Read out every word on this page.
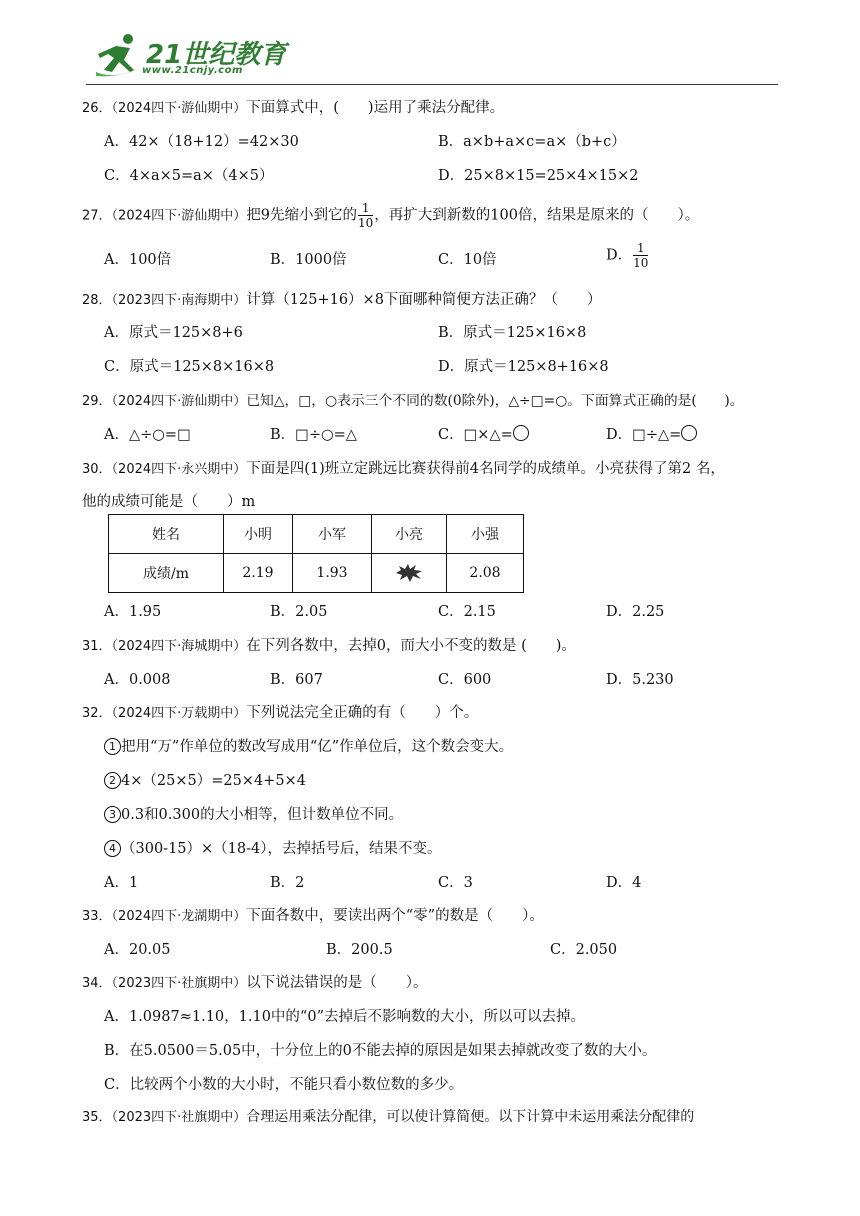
21世纪教育
www.21cnjy.com
26．（2024四下·游仙期中）下面算式中，(　　)运用了乘法分配律。
A．42×（18+12）=42×30	B．a×b+a×c=a×（b+c）
C．4×a×5=a×（4×5）	D．25×8×15=25×4×15×2
27．（2024四下·游仙期中）把9先缩小到它的 $\frac{1}{10}$ ，再扩大到新数的100倍，结果是原来的（　　）。
A．100倍	B．1000倍	C．10倍	D． $\frac{1}{10}$
28．（2023四下·南海期中）计算（125+16）×8下面哪种简便方法正确？（　　）
A．原式＝125×8+6	B．原式＝125×16×8
C．原式＝125×8×16×8	D．原式＝125×8+16×8
29．（2024四下·游仙期中）已知△，□，○表示三个不同的数(0除外)，△÷□=○。下面算式正确的是(　　)。
A．△÷○=□	B．□÷○=△	C．□×△=	D．□÷△=
30．（2024四下·永兴期中）下面是四(1)班立定跳远比赛获得前4名同学的成绩单。小亮获得了第2 名，
他的成绩可能是（　　）m
姓名	小明	小军	小亮	小强
成绩/m	2.19	1.93		2.08
A．1.95	B．2.05	C．2.15	D．2.25
31．（2024四下·海城期中）在下列各数中，去掉0，而大小不变的数是 (　　)。
A．0.008	B．607	C．600	D．5.230
32．（2024四下·万载期中）下列说法完全正确的有（　　）个。
1 把用“万”作单位的数改写成用“亿”作单位后，这个数会变大。
2 4×（25×5）=25×4+5×4
3 0.3和0.300的大小相等，但计数单位不同。
4 （300-15）×（18-4），去掉括号后，结果不变。
A．1	B．2	C．3	D．4
33．（2024四下·龙湖期中）下面各数中，要读出两个“零”的数是（　　）。
A．20.05	B．200.5	C．2.050
34．（2023四下·社旗期中）以下说法错误的是（　　）。
A．1.0987≈1.10，1.10中的“0”去掉后不影响数的大小，所以可以去掉。
B．在5.0500＝5.05中，十分位上的0不能去掉的原因是如果去掉就改变了数的大小。
C．比较两个小数的大小时，不能只看小数位数的多少。
35．（2023四下·社旗期中）合理运用乘法分配律，可以使计算简便。以下计算中未运用乘法分配律的
